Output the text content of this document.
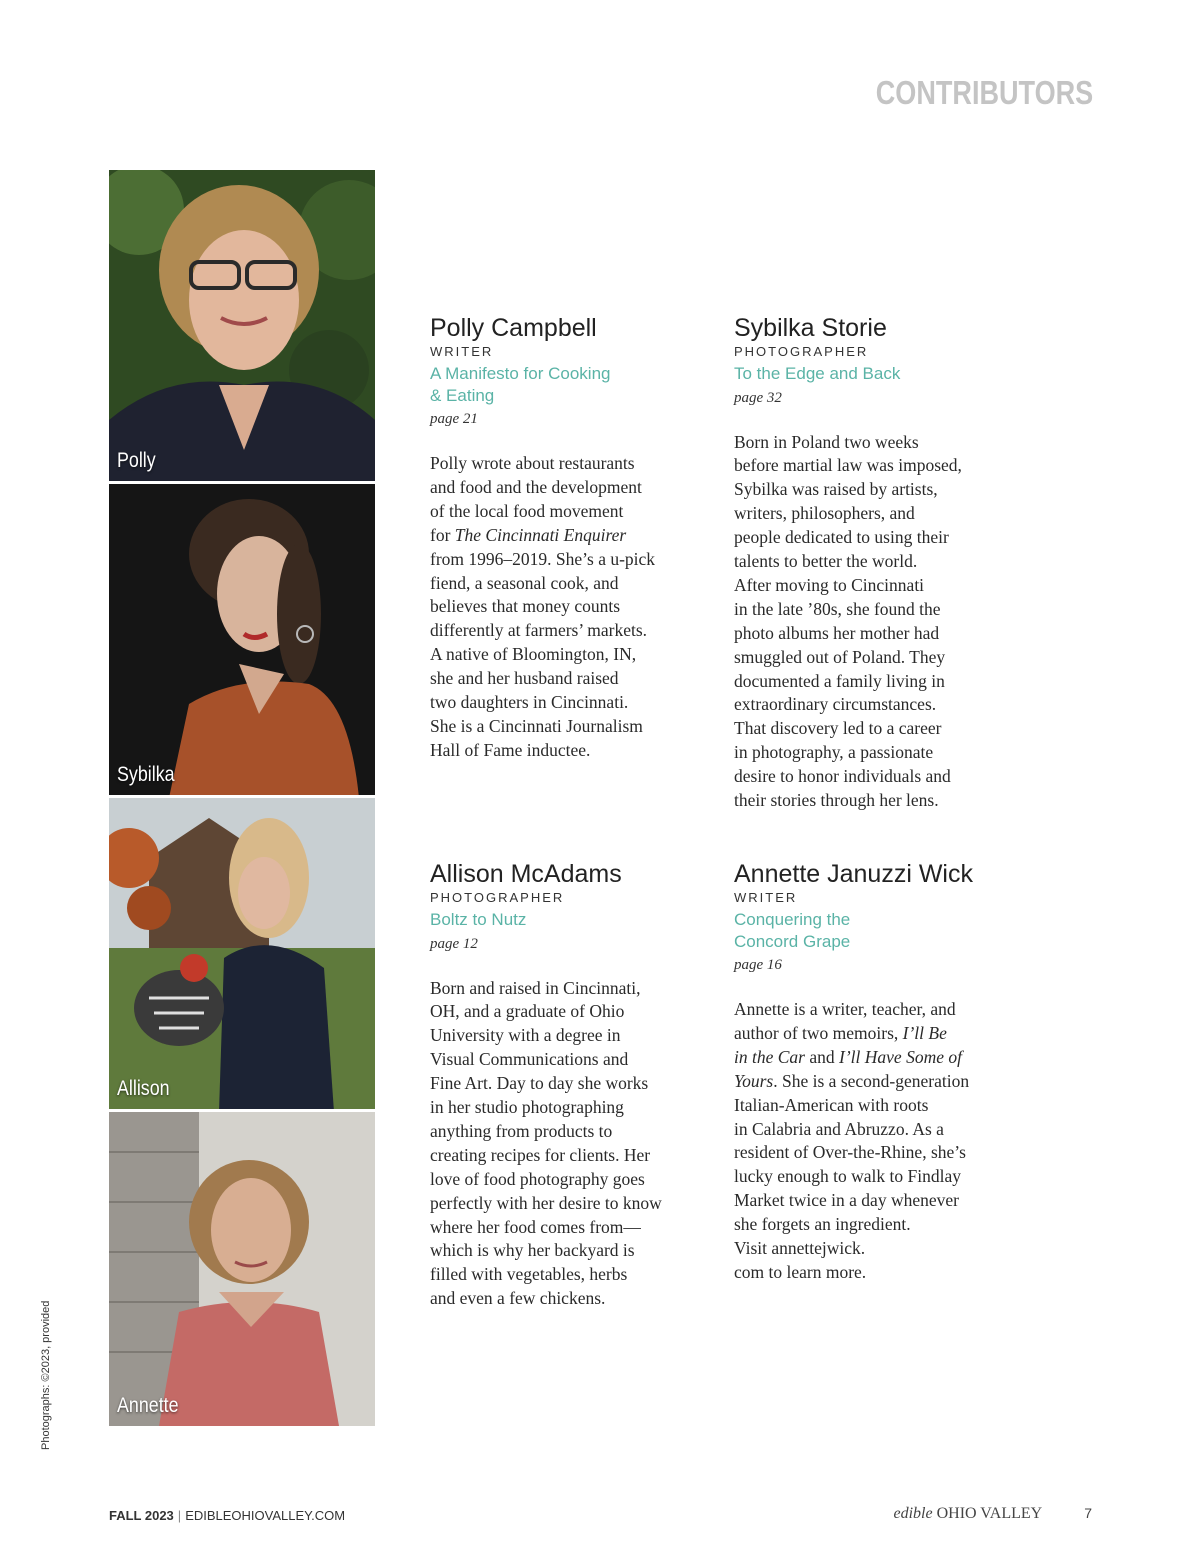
CONTRIBUTORS
Polly
Sybilka
Allison
Annette
Photographs: ©2023, provided
Polly Campbell
WRITER
A Manifesto for Cooking
& Eating
page 21

Polly wrote about restaurants

and food and the development

of the local food movement

for The Cincinnati Enquirer

from 1996–2019. She’s a u-pick

fiend, a seasonal cook, and

believes that money counts

differently at farmers’ markets.

A native of Bloomington, IN,

she and her husband raised

two daughters in Cincinnati.

She is a Cincinnati Journalism

Hall of Fame inductee.

Sybilka Storie
PHOTOGRAPHER
To the Edge and Back
page 32

Born in Poland two weeks

before martial law was imposed,

Sybilka was raised by artists,

writers, philosophers, and

people dedicated to using their

talents to better the world.

After moving to Cincinnati

in the late ’80s, she found the

photo albums her mother had

smuggled out of Poland. They

documented a family living in

extraordinary circumstances.

That discovery led to a career

in photography, a passionate

desire to honor individuals and

their stories through her lens.

Allison McAdams
PHOTOGRAPHER
Boltz to Nutz
page 12

Born and raised in Cincinnati,

OH, and a graduate of Ohio

University with a degree in

Visual Communications and

Fine Art. Day to day she works

in her studio photographing

anything from products to

creating recipes for clients. Her

love of food photography goes

perfectly with her desire to know

where her food comes from—

which is why her backyard is

filled with vegetables, herbs

and even a few chickens.

Annette Januzzi Wick
WRITER
Conquering the
Concord Grape
page 16

Annette is a writer, teacher, and

author of two memoirs, I’ll Be

in the Car and I’ll Have Some of

Yours. She is a second-generation

Italian-American with roots

in Calabria and Abruzzo. As a

resident of Over-the-Rhine, she’s

lucky enough to walk to Findlay

Market twice in a day whenever

she forgets an ingredient.

Visit annettejwick.

com to learn more.

FALL 2023 | EDIBLEOHIOVALLEY.COM	edible OHIO VALLEY	7
